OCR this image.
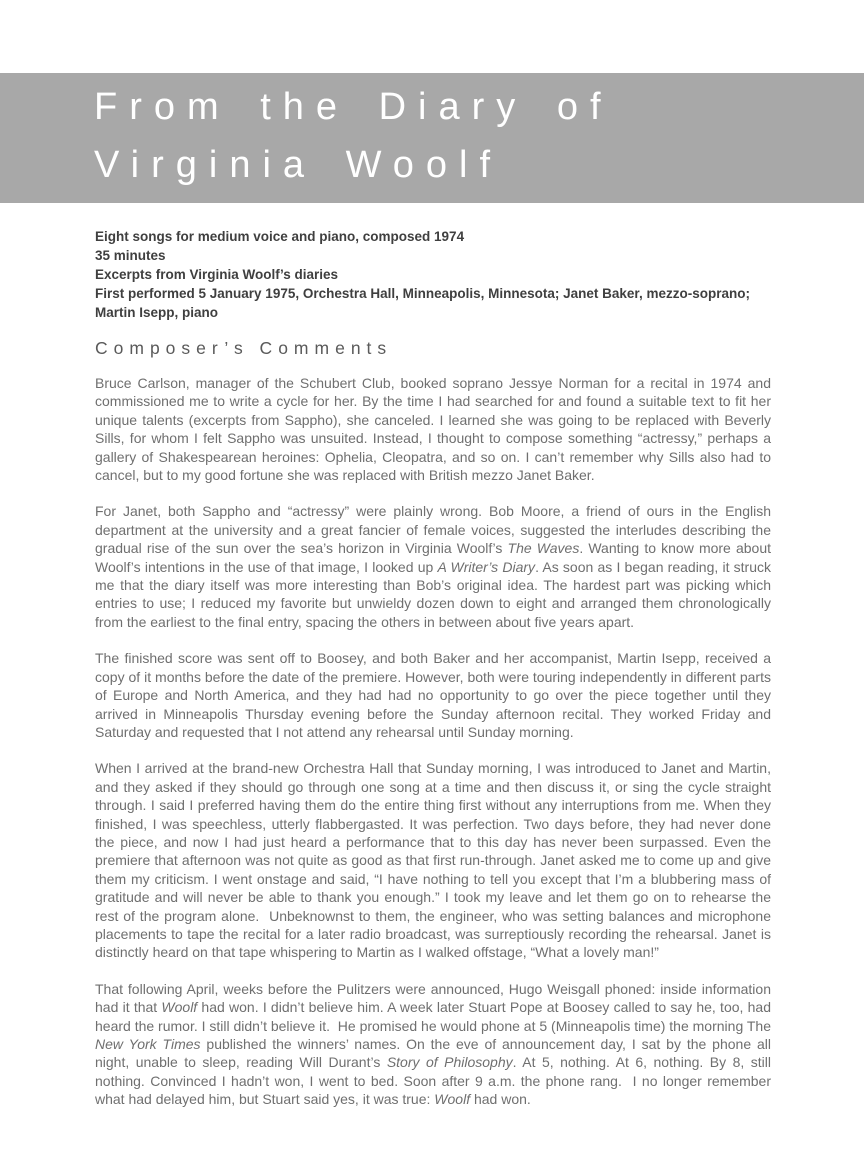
From the Diary of
Virginia Woolf
Eight songs for medium voice and piano, composed 1974
35 minutes
Excerpts from Virginia Woolf’s diaries
First performed 5 January 1975, Orchestra Hall, Minneapolis, Minnesota; Janet Baker, mezzo-soprano;
Martin Isepp, piano
Composer’s Comments

Bruce Carlson, manager of the Schubert Club, booked soprano Jessye Norman for a recital in 1974 and commissioned me to write a cycle for her. By the time I had searched for and found a suitable text to fit her unique talents (excerpts from Sappho), she canceled. I learned she was going to be replaced with Beverly Sills, for whom I felt Sappho was unsuited. Instead, I thought to compose something “actressy,” perhaps a gallery of Shakespearean heroines: Ophelia, Cleopatra, and so on. I can’t remember why Sills also had to cancel, but to my good fortune she was replaced with British mezzo Janet Baker.

For Janet, both Sappho and “actressy” were plainly wrong. Bob Moore, a friend of ours in the English department at the university and a great fancier of female voices, suggested the interludes describing the gradual rise of the sun over the sea’s horizon in Virginia Woolf’s The Waves. Wanting to know more about Woolf’s intentions in the use of that image, I looked up A Writer’s Diary. As soon as I began reading, it struck me that the diary itself was more interesting than Bob’s original idea. The hardest part was picking which entries to use; I reduced my favorite but unwieldy dozen down to eight and arranged them chronologically from the earliest to the final entry, spacing the others in between about five years apart.

The finished score was sent off to Boosey, and both Baker and her accompanist, Martin Isepp, received a copy of it months before the date of the premiere. However, both were touring independently in different parts of Europe and North America, and they had had no opportunity to go over the piece together until they arrived in Minneapolis Thursday evening before the Sunday afternoon recital. They worked Friday and Saturday and requested that I not attend any rehearsal until Sunday morning.

When I arrived at the brand-new Orchestra Hall that Sunday morning, I was introduced to Janet and Martin, and they asked if they should go through one song at a time and then discuss it, or sing the cycle straight through. I said I preferred having them do the entire thing first without any interruptions from me. When they finished, I was speechless, utterly flabbergasted. It was perfection. Two days before, they had never done the piece, and now I had just heard a performance that to this day has never been surpassed. Even the premiere that afternoon was not quite as good as that first run-through. Janet asked me to come up and give them my criticism. I went onstage and said, “I have nothing to tell you except that I’m a blubbering mass of gratitude and will never be able to thank you enough.” I took my leave and let them go on to rehearse the rest of the program alone.  Unbeknownst to them, the engineer, who was setting balances and microphone placements to tape the recital for a later radio broadcast, was surreptiously recording the rehearsal. Janet is distinctly heard on that tape whispering to Martin as I walked offstage, “What a lovely man!”

That following April, weeks before the Pulitzers were announced, Hugo Weisgall phoned: inside information had it that Woolf had won. I didn’t believe him. A week later Stuart Pope at Boosey called to say he, too, had heard the rumor. I still didn’t believe it.  He promised he would phone at 5 (Minneapolis time) the morning The New York Times published the winners’ names. On the eve of announcement day, I sat by the phone all night, unable to sleep, reading Will Durant’s Story of Philosophy. At 5, nothing. At 6, nothing. By 8, still nothing. Convinced I hadn’t won, I went to bed. Soon after 9 a.m. the phone rang.  I no longer remember what had delayed him, but Stuart said yes, it was true: Woolf had won.
